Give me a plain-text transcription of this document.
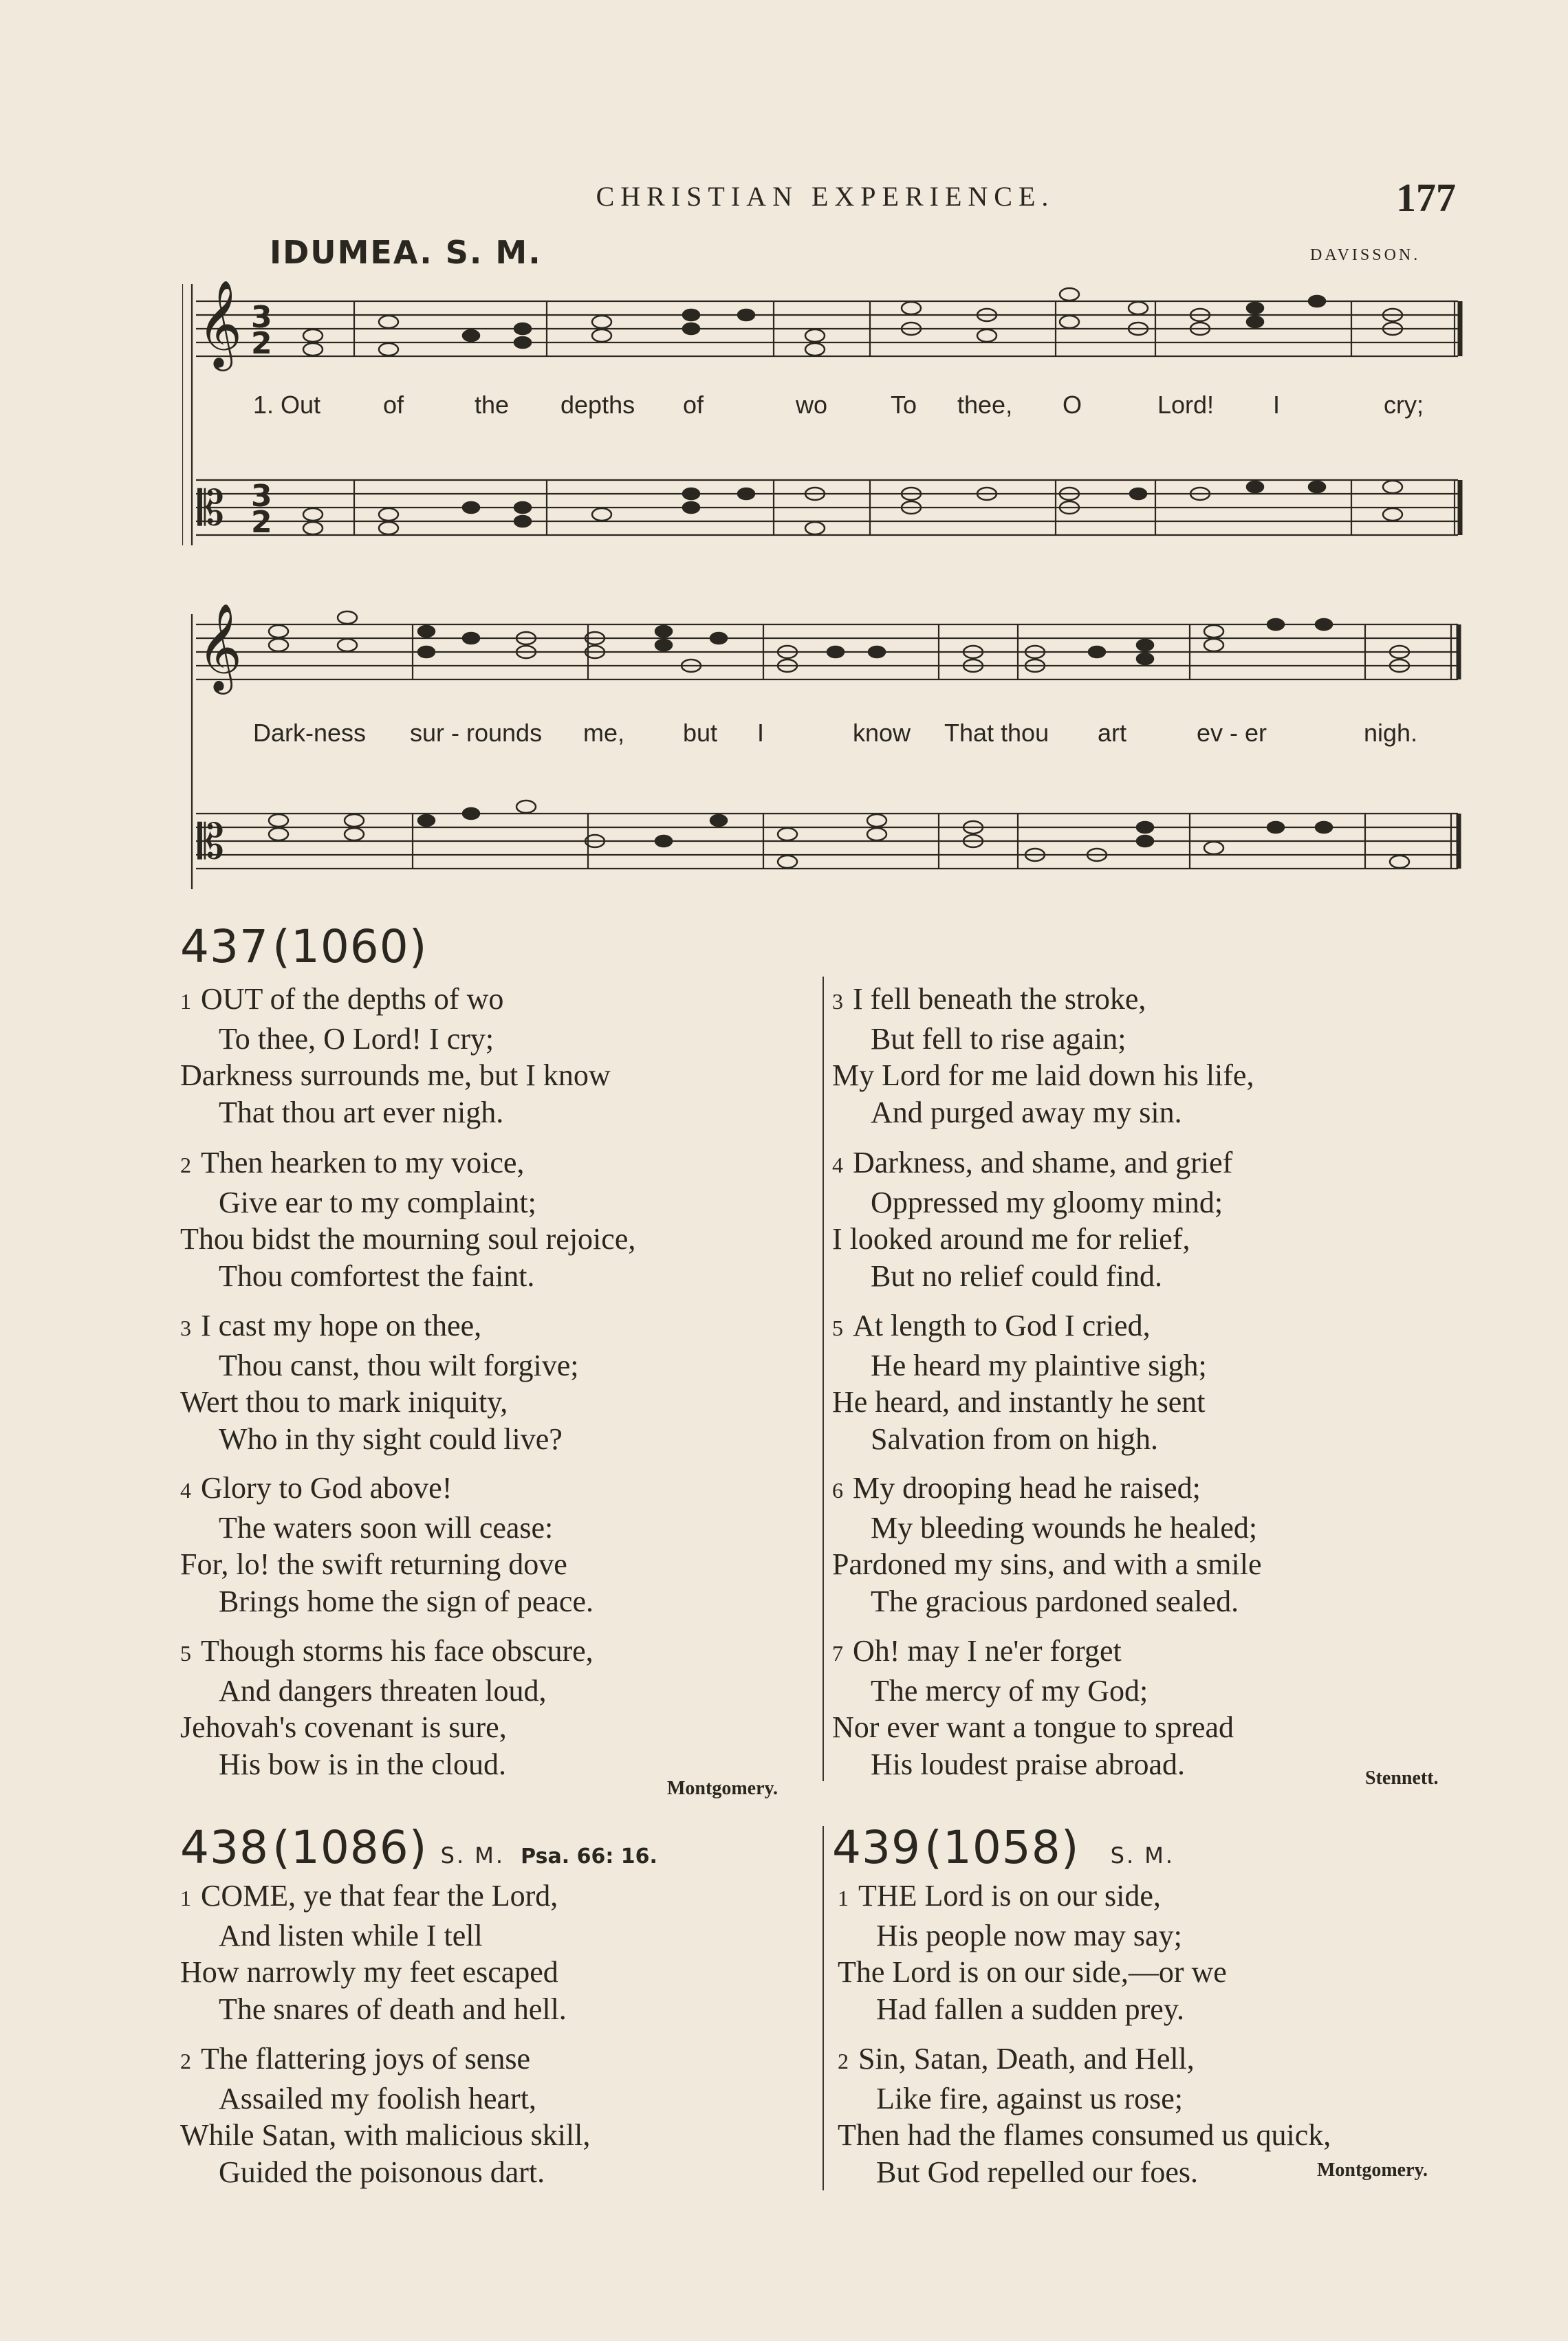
CHRISTIAN EXPERIENCE.	177
IDUMEA. S. M.	DAVISSON.
𝄞
𝄡
3
2
3
2
1. Out	of	the depths of	wo	To thee, O	Lord! I	cry;
𝄞
𝄡
Dark-ness sur - rounds me, but I	know That thou art	ev - er	nigh.
437 (1060)
1 OUT of the depths of wo
To thee, O Lord! I cry;
Darkness surrounds me, but I know
That thou art ever nigh.
2 Then hearken to my voice,
Give ear to my complaint;
Thou bidst the mourning soul rejoice,
Thou comfortest the faint.
3 I cast my hope on thee,
Thou canst, thou wilt forgive;
Wert thou to mark iniquity,
Who in thy sight could live?
4 Glory to God above!
The waters soon will cease:
For, lo! the swift returning dove
Brings home the sign of peace.
5 Though storms his face obscure,
And dangers threaten loud,
Jehovah's covenant is sure,
His bow is in the cloud.
Montgomery.
3 I fell beneath the stroke,
But fell to rise again;
My Lord for me laid down his life,
And purged away my sin.
4 Darkness, and shame, and grief
Oppressed my gloomy mind;
I looked around me for relief,
But no relief could find.
5 At length to God I cried,
He heard my plaintive sigh;
He heard, and instantly he sent
Salvation from on high.
6 My drooping head he raised;
My bleeding wounds he healed;
Pardoned my sins, and with a smile
The gracious pardoned sealed.
7 Oh! may I ne'er forget
The mercy of my God;
Nor ever want a tongue to spread
His loudest praise abroad.	Stennett.
438 (1086) S. M. Psa. 66: 16.
1 COME, ye that fear the Lord,
And listen while I tell
How narrowly my feet escaped
The snares of death and hell.
2 The flattering joys of sense
Assailed my foolish heart,
While Satan, with malicious skill,
Guided the poisonous dart.
439 (1058) S. M.
1 THE Lord is on our side,
His people now may say;
The Lord is on our side,—or we
Had fallen a sudden prey.
2 Sin, Satan, Death, and Hell,
Like fire, against us rose;
Then had the flames consumed us quick,
But God repelled our foes.	Montgomery.
